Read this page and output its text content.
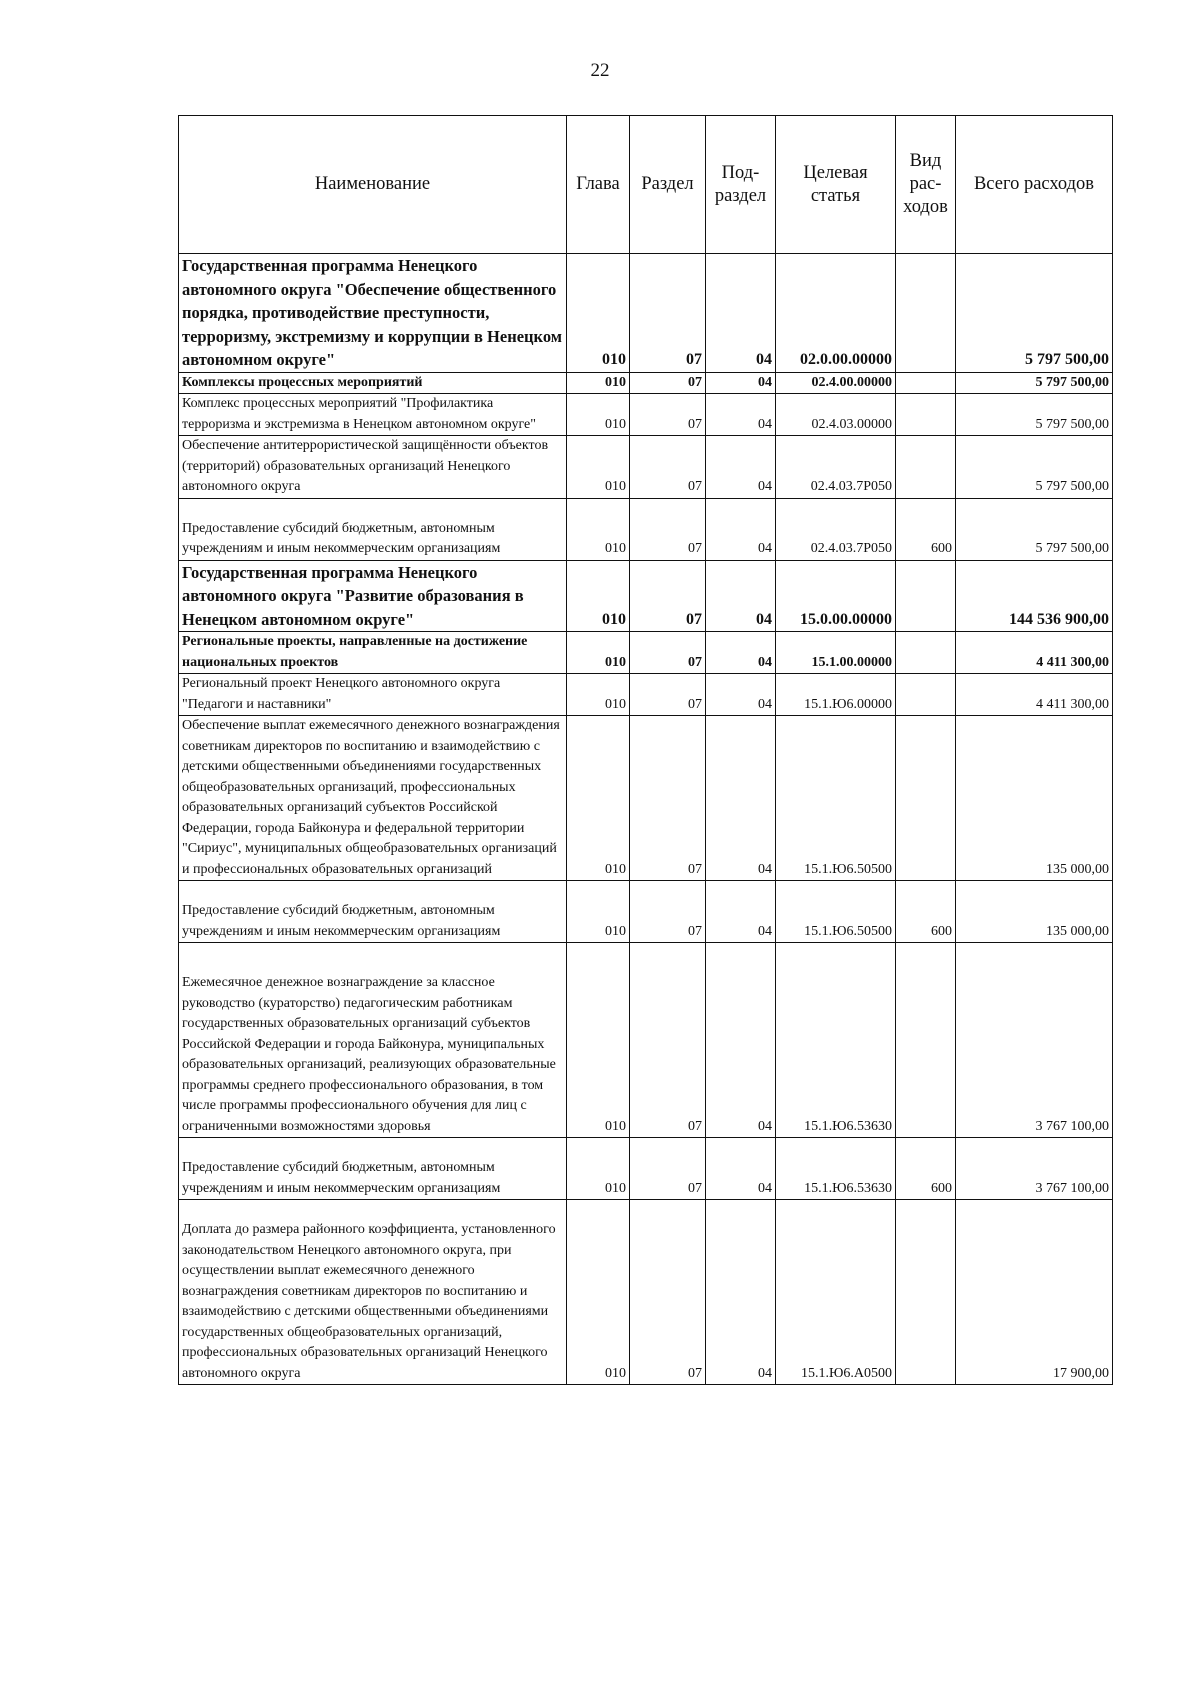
22
Наименование	Глава	Раздел	Под-раздел	Целевая статья	Вид рас-ходов	Всего расходов
Государственная программа Ненецкого автономного округа "Обеспечение общественного порядка, противодействие преступности, терроризму, экстремизму и коррупции в Ненецком автономном округе"	010	07	04	02.0.00.00000		5 797 500,00
Комплексы процессных мероприятий	010	07	04	02.4.00.00000		5 797 500,00
Комплекс процессных мероприятий "Профилактика терроризма и экстремизма в Ненецком автономном округе"	010	07	04	02.4.03.00000		5 797 500,00
Обеспечение антитеррористической защищённости объектов (территорий) образовательных организаций Ненецкого автономного округа	010	07	04	02.4.03.7Р050		5 797 500,00
Предоставление субсидий бюджетным, автономным учреждениям и иным некоммерческим организациям	010	07	04	02.4.03.7Р050	600	5 797 500,00
Государственная программа Ненецкого автономного округа "Развитие образования в Ненецком автономном округе"	010	07	04	15.0.00.00000		144 536 900,00
Региональные проекты, направленные на достижение национальных проектов	010	07	04	15.1.00.00000		4 411 300,00
Региональный проект Ненецкого автономного округа "Педагоги и наставники"	010	07	04	15.1.Ю6.00000		4 411 300,00
Обеспечение выплат ежемесячного денежного вознаграждения советникам директоров по воспитанию и взаимодействию с детскими общественными объединениями государственных общеобразовательных организаций, профессиональных образовательных организаций субъектов Российской Федерации, города Байконура и федеральной территории "Сириус", муниципальных общеобразовательных организаций и профессиональных образовательных организаций	010	07	04	15.1.Ю6.50500		135 000,00
Предоставление субсидий бюджетным, автономным учреждениям и иным некоммерческим организациям	010	07	04	15.1.Ю6.50500	600	135 000,00
Ежемесячное денежное вознаграждение за классное руководство (кураторство) педагогическим работникам государственных образовательных организаций субъектов Российской Федерации и города Байконура, муниципальных образовательных организаций, реализующих образовательные программы среднего профессионального образования, в том числе программы профессионального обучения для лиц с ограниченными возможностями здоровья	010	07	04	15.1.Ю6.53630		3 767 100,00
Предоставление субсидий бюджетным, автономным учреждениям и иным некоммерческим организациям	010	07	04	15.1.Ю6.53630	600	3 767 100,00
Доплата до размера районного коэффициента, установленного законодательством Ненецкого автономного округа, при осуществлении выплат ежемесячного денежного вознаграждения советникам директоров по воспитанию и взаимодействию с детскими общественными объединениями государственных общеобразовательных организаций, профессиональных образовательных организаций Ненецкого автономного округа	010	07	04	15.1.Ю6.А0500		17 900,00
